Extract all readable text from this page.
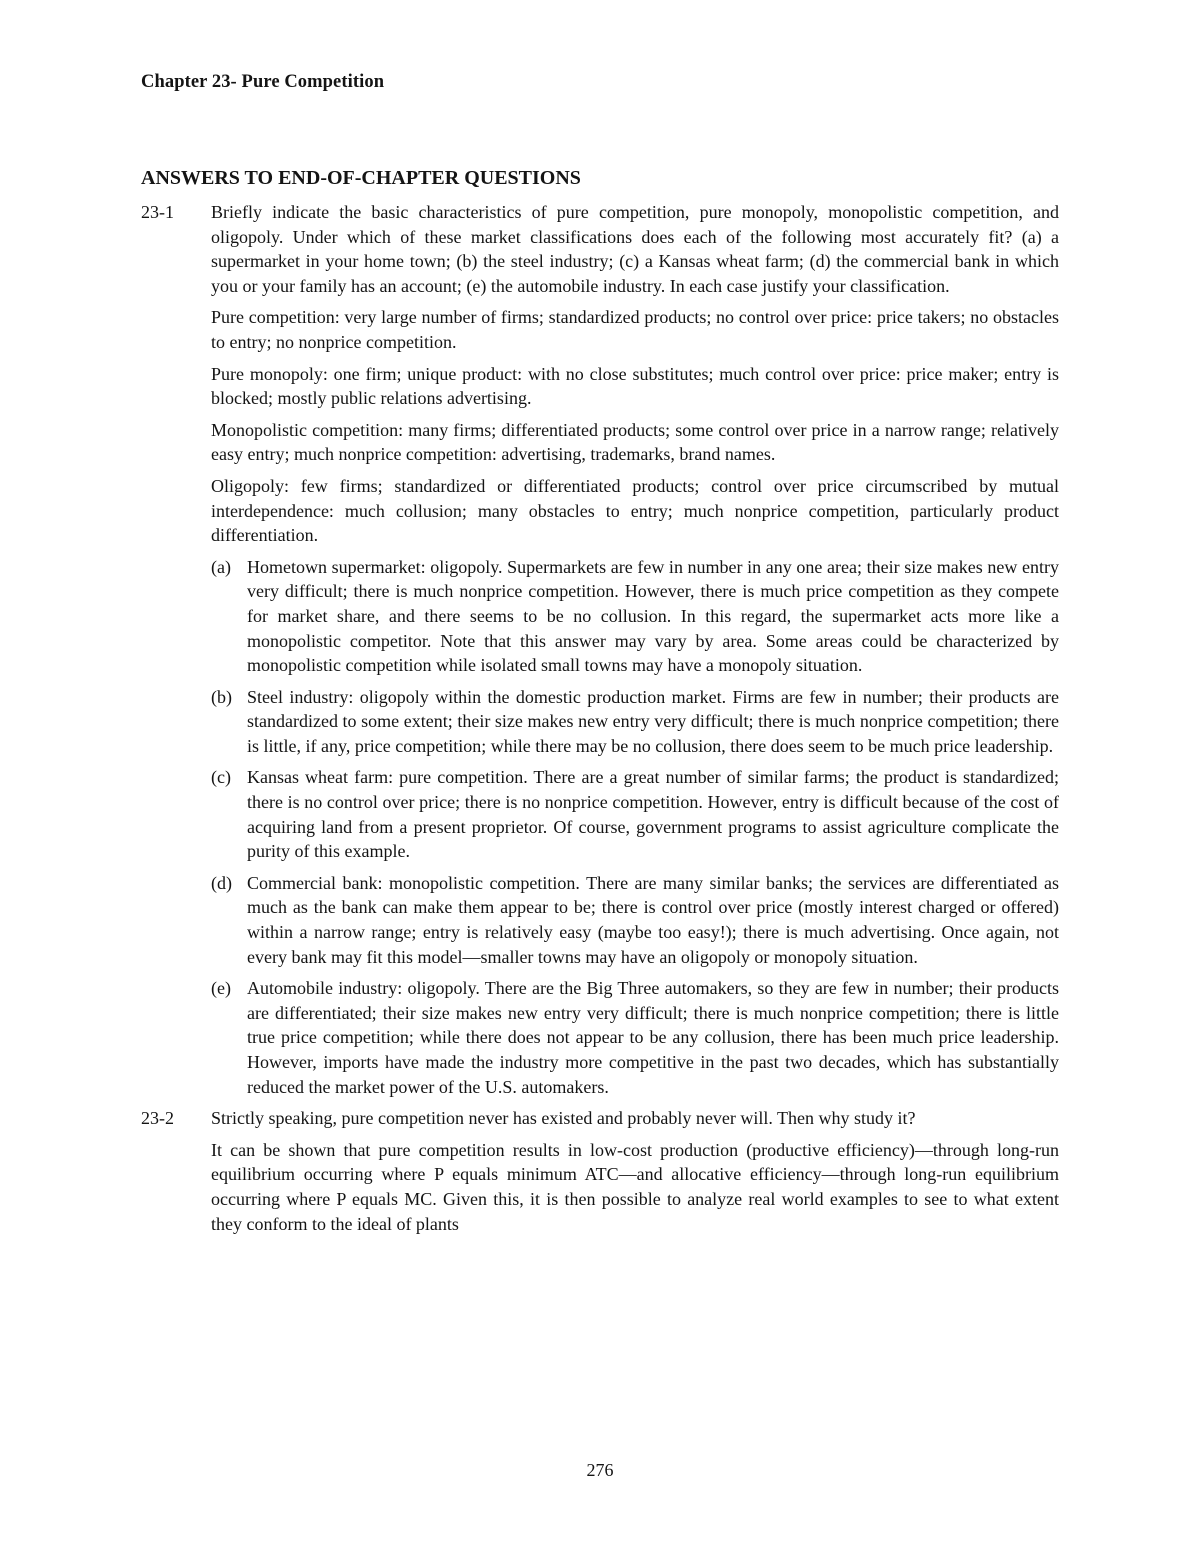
Chapter 23- Pure Competition
ANSWERS TO END-OF-CHAPTER QUESTIONS
23-1 Briefly indicate the basic characteristics of pure competition, pure monopoly, monopolistic competition, and oligopoly. Under which of these market classifications does each of the following most accurately fit? (a) a supermarket in your home town; (b) the steel industry; (c) a Kansas wheat farm; (d) the commercial bank in which you or your family has an account; (e) the automobile industry. In each case justify your classification.
Pure competition: very large number of firms; standardized products; no control over price: price takers; no obstacles to entry; no nonprice competition.
Pure monopoly: one firm; unique product: with no close substitutes; much control over price: price maker; entry is blocked; mostly public relations advertising.
Monopolistic competition: many firms; differentiated products; some control over price in a narrow range; relatively easy entry; much nonprice competition: advertising, trademarks, brand names.
Oligopoly: few firms; standardized or differentiated products; control over price circumscribed by mutual interdependence: much collusion; many obstacles to entry; much nonprice competition, particularly product differentiation.
(a) Hometown supermarket: oligopoly. Supermarkets are few in number in any one area; their size makes new entry very difficult; there is much nonprice competition. However, there is much price competition as they compete for market share, and there seems to be no collusion. In this regard, the supermarket acts more like a monopolistic competitor. Note that this answer may vary by area. Some areas could be characterized by monopolistic competition while isolated small towns may have a monopoly situation.
(b) Steel industry: oligopoly within the domestic production market. Firms are few in number; their products are standardized to some extent; their size makes new entry very difficult; there is much nonprice competition; there is little, if any, price competition; while there may be no collusion, there does seem to be much price leadership.
(c) Kansas wheat farm: pure competition. There are a great number of similar farms; the product is standardized; there is no control over price; there is no nonprice competition. However, entry is difficult because of the cost of acquiring land from a present proprietor. Of course, government programs to assist agriculture complicate the purity of this example.
(d) Commercial bank: monopolistic competition. There are many similar banks; the services are differentiated as much as the bank can make them appear to be; there is control over price (mostly interest charged or offered) within a narrow range; entry is relatively easy (maybe too easy!); there is much advertising. Once again, not every bank may fit this model—smaller towns may have an oligopoly or monopoly situation.
(e) Automobile industry: oligopoly. There are the Big Three automakers, so they are few in number; their products are differentiated; their size makes new entry very difficult; there is much nonprice competition; there is little true price competition; while there does not appear to be any collusion, there has been much price leadership. However, imports have made the industry more competitive in the past two decades, which has substantially reduced the market power of the U.S. automakers.
23-2 Strictly speaking, pure competition never has existed and probably never will. Then why study it?
It can be shown that pure competition results in low-cost production (productive efficiency)—through long-run equilibrium occurring where P equals minimum ATC—and allocative efficiency—through long-run equilibrium occurring where P equals MC. Given this, it is then possible to analyze real world examples to see to what extent they conform to the ideal of plants
276
